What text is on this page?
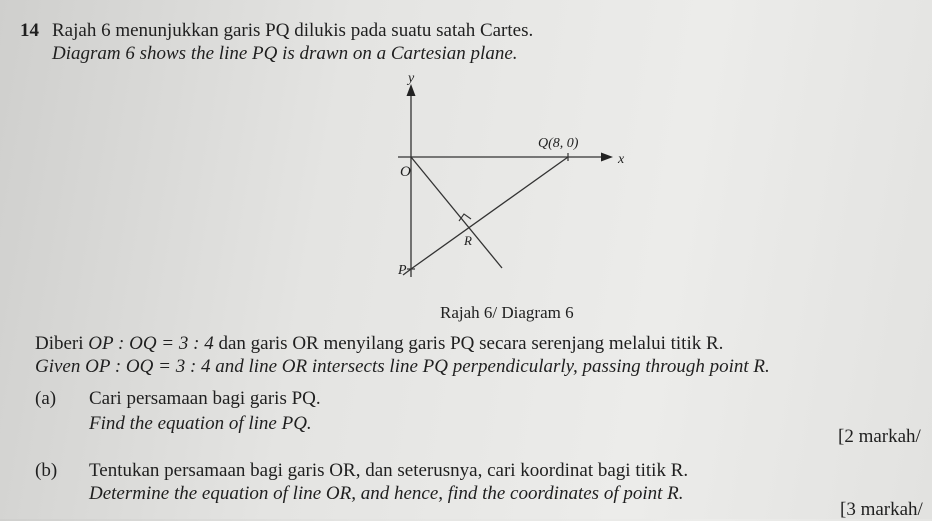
14 Rajah 6 menunjukkan garis PQ dilukis pada suatu satah Cartes.
Diagram 6 shows the line PQ is drawn on a Cartesian plane.
y
x
O
Q(8, 0)
R
P
Rajah 6/ Diagram 6
Diberi OP : OQ = 3 : 4 dan garis OR menyilang garis PQ secara serenjang melalui titik R.
Given OP : OQ = 3 : 4 and line OR intersects line PQ perpendicularly, passing through point R.
(a) Cari persamaan bagi garis PQ.
Find the equation of line PQ.
[2 markah/
(b) Tentukan persamaan bagi garis OR, dan seterusnya, cari koordinat bagi titik R.
Determine the equation of line OR, and hence, find the coordinates of point R.
[3 markah/
